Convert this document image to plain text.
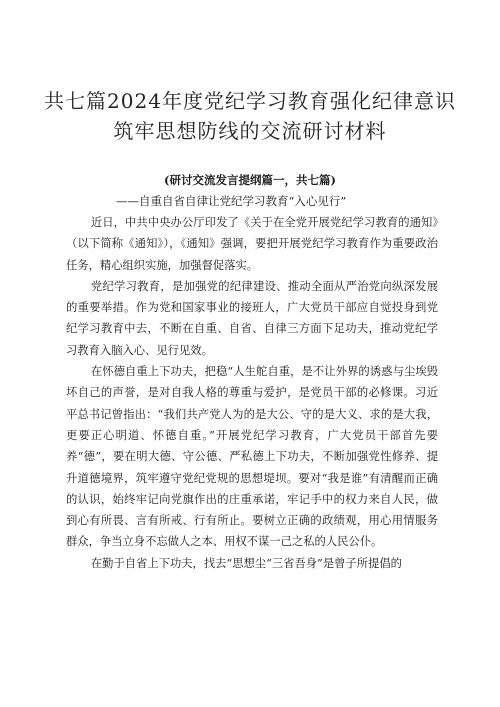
共七篇2024年度党纪学习教育强化纪律意识
筑牢思想防线的交流研讨材料
(研讨交流发言提纲篇一，共七篇)
——自重自省自律让党纪学习教育“入心见行”

近日，中共中央办公厅印发了《关于在全党开展党纪学习教育的通知》（以下简称《通知》），《通知》强调，要把开展党纪学习教育作为重要政治任务，精心组织实施，加强督促落实。

党纪学习教育，是加强党的纪律建设、推动全面从严治党向纵深发展的重要举措。作为党和国家事业的接班人，广大党员干部应自觉投身到党纪学习教育中去，不断在自重、自省、自律三方面下足功夫，推动党纪学习教育入脑入心、见行见效。

在怀德自重上下功夫，把稳“人生舵自重，是不让外界的诱惑与尘埃毁坏自己的声誉，是对自我人格的尊重与爱护，是党员干部的必修课。习近平总书记曾指出：“我们共产党人为的是大公、守的是大义、求的是大我，更要正心明道、怀德自重。”开展党纪学习教育，广大党员干部首先要养“德”，要在明大德、守公德、严私德上下功夫，不断加强党性修养、提升道德境界，筑牢遵守党纪党规的思想堤坝。要对“我是谁”有清醒而正确的认识，始终牢记向党旗作出的庄重承诺，牢记手中的权力来自人民，做到心有所畏、言有所戒、行有所止。要树立正确的政绩观，用心用情服务群众，争当立身不忘做人之本、用权不谋一己之私的人民公仆。

在勤于自省上下功夫，找去“思想尘“三省吾身”是曾子所提倡的
